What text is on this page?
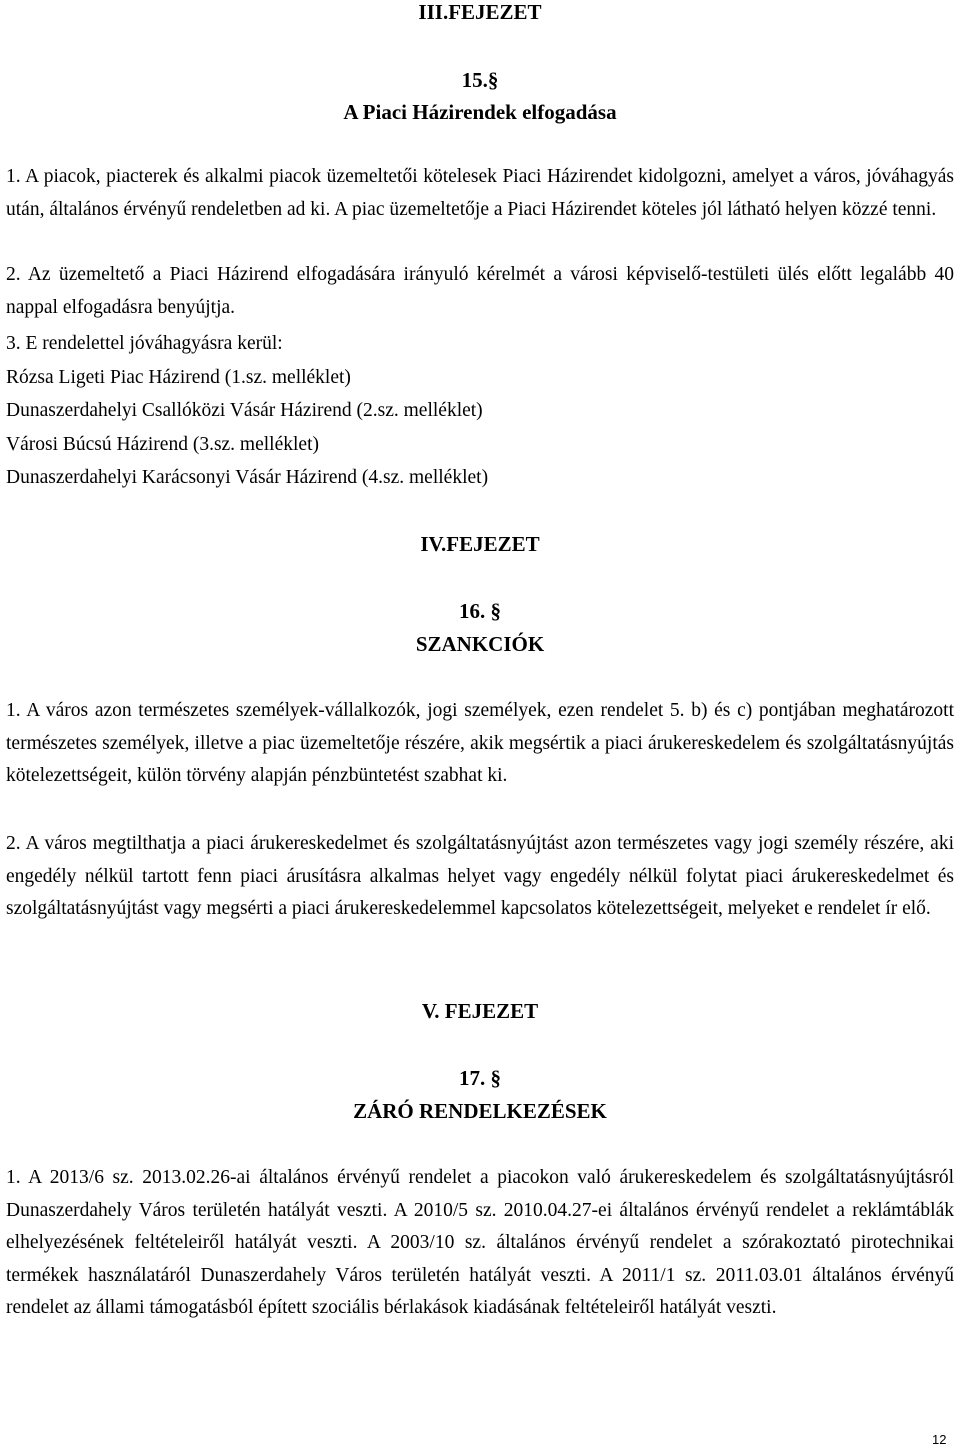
III.FEJEZET
15.§
A Piaci Házirendek elfogadása

1. A piacok, piacterek és alkalmi piacok üzemeltetői kötelesek Piaci Házirendet kidolgozni, amelyet a város, jóváhagyás után, általános érvényű rendeletben ad ki. A piac üzemeltetője a Piaci Házirendet köteles jól látható helyen közzé tenni.

2. Az üzemeltető a Piaci Házirend elfogadására irányuló kérelmét a városi képviselő-testületi ülés előtt legalább 40 nappal elfogadásra benyújtja.

3. E rendelettel jóváhagyásra kerül:

Rózsa Ligeti Piac Házirend (1.sz. melléklet)

Dunaszerdahelyi Csallóközi Vásár Házirend (2.sz. melléklet)

Városi Búcsú Házirend (3.sz. melléklet)

Dunaszerdahelyi Karácsonyi Vásár Házirend (4.sz. melléklet)

IV.FEJEZET
16. §
SZANKCIÓK

1. A város azon természetes személyek-vállalkozók, jogi személyek, ezen rendelet 5. b) és c) pontjában meghatározott természetes személyek, illetve a piac üzemeltetője részére, akik megsértik a piaci árukereskedelem és szolgáltatásnyújtás kötelezettségeit, külön törvény alapján pénzbüntetést szabhat ki.

2. A város megtilthatja a piaci árukereskedelmet és szolgáltatásnyújtást azon természetes vagy jogi személy részére, aki engedély nélkül tartott fenn piaci árusításra alkalmas helyet vagy engedély nélkül folytat piaci árukereskedelmet és szolgáltatásnyújtást vagy megsérti a piaci árukereskedelemmel kapcsolatos kötelezettségeit, melyeket e rendelet ír elő.

V. FEJEZET
17. §
ZÁRÓ RENDELKEZÉSEK

1. A 2013/6 sz. 2013.02.26-ai általános érvényű rendelet a piacokon való árukereskedelem és szolgáltatásnyújtásról Dunaszerdahely Város területén hatályát veszti. A 2010/5 sz. 2010.04.27-ei általános érvényű rendelet a reklámtáblák elhelyezésének feltételeiről hatályát veszti. A 2003/10 sz. általános érvényű rendelet a szórakoztató pirotechnikai termékek használatáról Dunaszerdahely Város területén hatályát veszti. A 2011/1 sz. 2011.03.01 általános érvényű rendelet az állami támogatásból épített szociális bérlakások kiadásának feltételeiről hatályát veszti.

12
